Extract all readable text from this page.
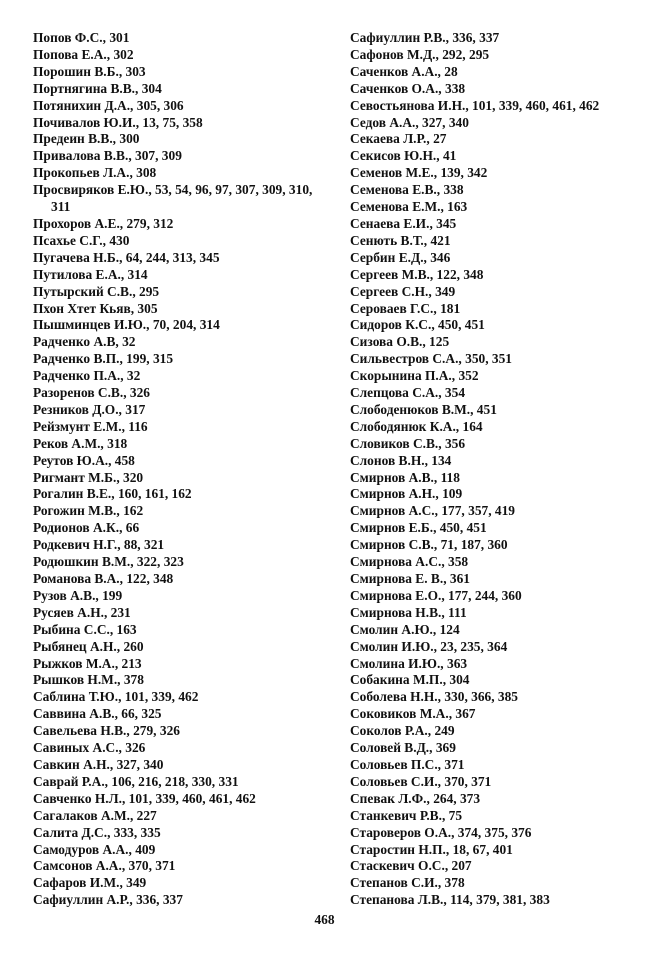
Попов Ф.С., 301
Попова Е.А., 302
Порошин В.Б., 303
Портнягина В.В., 304
Потянихин Д.А., 305, 306
Почивалов Ю.И., 13, 75, 358
Предеин В.В., 300
Привалова В.В., 307, 309
Прокопьев Л.А., 308
Просвиряков Е.Ю., 53, 54, 96, 97, 307, 309, 310, 311
Прохоров А.Е., 279, 312
Псахье С.Г., 430
Пугачева Н.Б., 64, 244, 313, 345
Путилова Е.А., 314
Путырский С.В., 295
Пхон Хтет Кьяв, 305
Пышминцев И.Ю., 70, 204, 314
Радченко А.В, 32
Радченко В.П., 199, 315
Радченко П.А., 32
Разоренов С.В., 326
Резников Д.О., 317
Рейзмунт Е.М., 116
Реков А.М., 318
Реутов Ю.А., 458
Ригмант М.Б., 320
Рогалин В.Е., 160, 161, 162
Рогожин М.В., 162
Родионов А.К., 66
Родкевич Н.Г., 88, 321
Родюшкин В.М., 322, 323
Романова В.А., 122, 348
Рузов А.В., 199
Русяев А.Н., 231
Рыбина С.С., 163
Рыбянец А.Н., 260
Рыжков М.А., 213
Рышков Н.М., 378
Саблина Т.Ю., 101, 339, 462
Саввина А.В., 66, 325
Савельева Н.В., 279, 326
Савиных А.С., 326
Савкин А.Н., 327, 340
Саврай Р.А., 106, 216, 218, 330, 331
Савченко Н.Л., 101, 339, 460, 461, 462
Сагалаков А.М., 227
Салита Д.С., 333, 335
Самодуров А.А., 409
Самсонов А.А., 370, 371
Сафаров И.М., 349
Сафиуллин А.Р., 336, 337
Сафиуллин Р.В., 336, 337
Сафонов М.Д., 292, 295
Саченков А.А., 28
Саченков О.А., 338
Севостьянова И.Н., 101, 339, 460, 461, 462
Седов А.А., 327, 340
Секаева Л.Р., 27
Секисов Ю.Н., 41
Семенов М.Е., 139, 342
Семенова Е.В., 338
Семенова Е.М., 163
Сенаева Е.И., 345
Сенють В.Т., 421
Сербин Е.Д., 346
Сергеев М.В., 122, 348
Сергеев С.Н., 349
Сероваев Г.С., 181
Сидоров К.С., 450, 451
Сизова О.В., 125
Сильвестров С.А., 350, 351
Скорынина П.А., 352
Слепцова С.А., 354
Слободенюков В.М., 451
Слободянюк К.А., 164
Словиков С.В., 356
Слонов В.Н., 134
Смирнов А.В., 118
Смирнов А.Н., 109
Смирнов А.С., 177, 357, 419
Смирнов Е.Б., 450, 451
Смирнов С.В., 71, 187, 360
Смирнова А.С., 358
Смирнова Е. В., 361
Смирнова Е.О., 177, 244, 360
Смирнова Н.В., 111
Смолин А.Ю., 124
Смолин И.Ю., 23, 235, 364
Смолина И.Ю., 363
Собакина М.П., 304
Соболева Н.Н., 330, 366, 385
Соковиков М.А., 367
Соколов Р.А., 249
Соловей В.Д., 369
Соловьев П.С., 371
Соловьев С.И., 370, 371
Спевак Л.Ф., 264, 373
Станкевич Р.В., 75
Староверов О.А., 374, 375, 376
Старостин Н.П., 18, 67, 401
Стаскевич О.С., 207
Степанов С.И., 378
Степанова Л.В., 114, 379, 381, 383
468
